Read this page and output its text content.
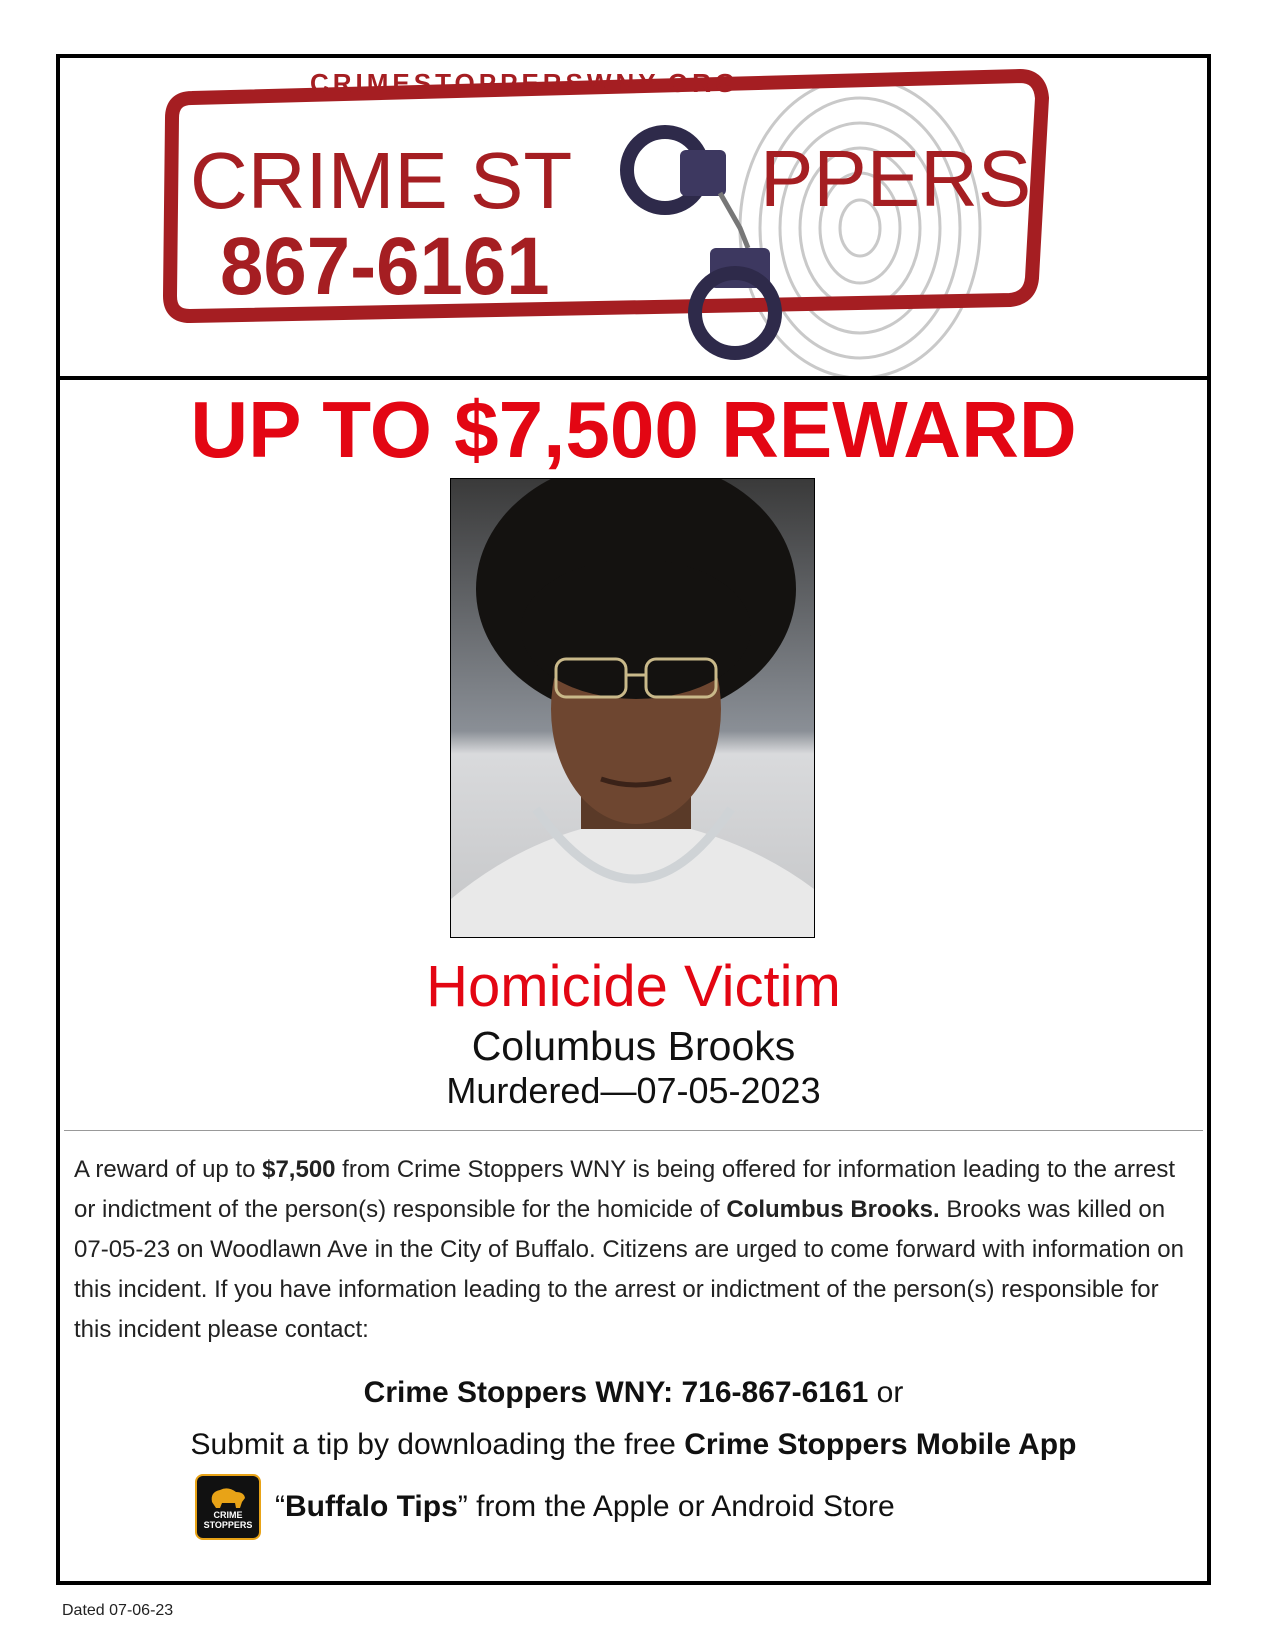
CRIMESTOPPERSWNY.ORG
CRIME ST PPERS
867-6161
UP TO $7,500 REWARD
Homicide Victim
Columbus Brooks
Murdered—07-05-2023
A reward of up to $7,500 from Crime Stoppers WNY is being offered for information leading to the arrest or indictment of the person(s) responsible for the homicide of Columbus Brooks. Brooks was killed on 07-05-23 on Woodlawn Ave in the City of Buffalo. Citizens are urged to come forward with information on this incident. If you have information leading to the arrest or indictment of the person(s) responsible for this incident please contact:
Crime Stoppers WNY: 716-867-6161 or
Submit a tip by downloading the free Crime Stoppers Mobile App
CRIME
STOPPERS
“ Buffalo Tips ” from the Apple or Android Store
Dated 07-06-23
